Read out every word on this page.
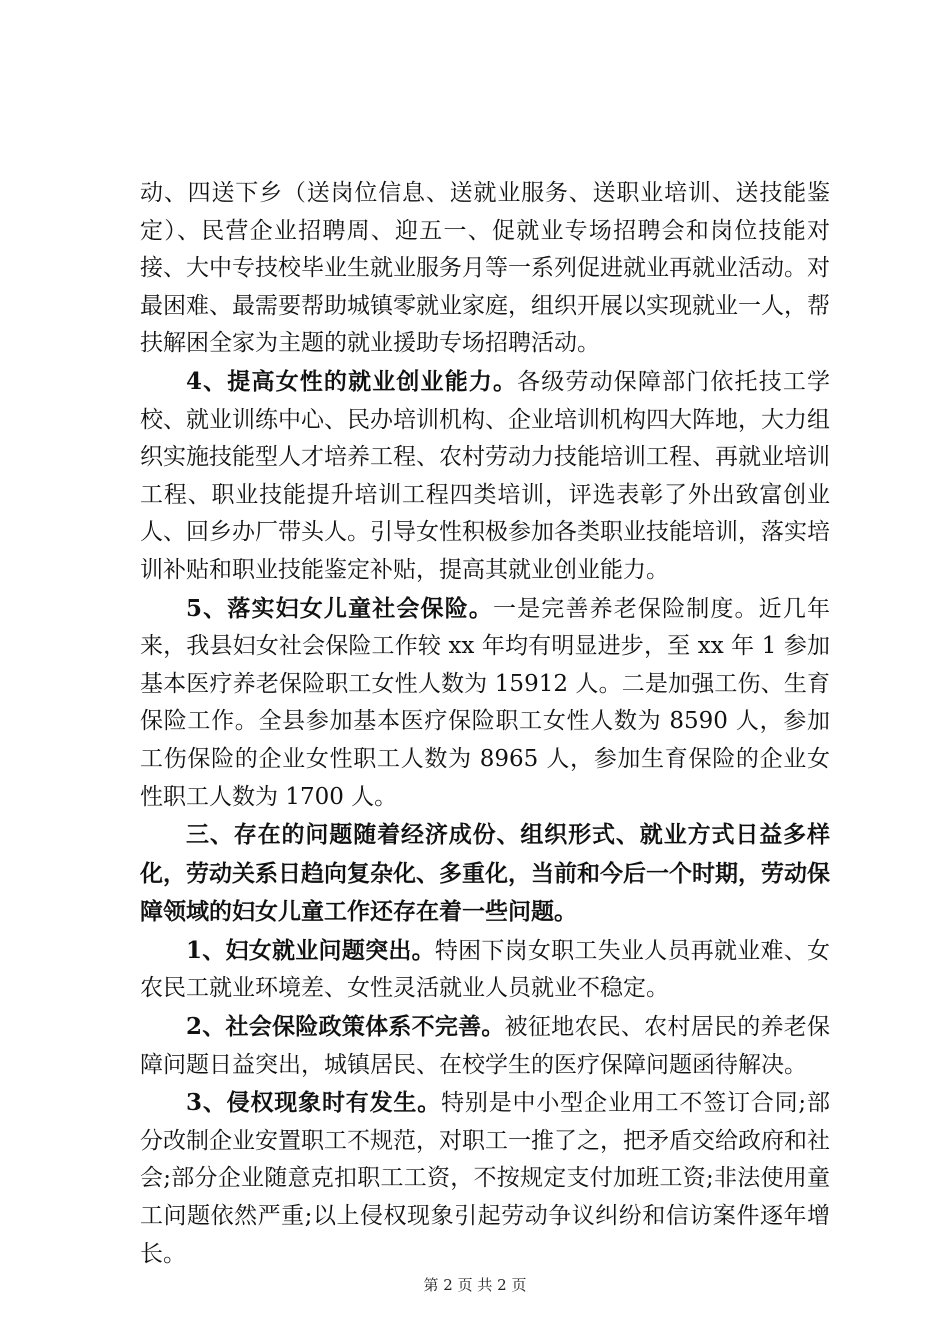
动、四送下乡（送岗位信息、送就业服务、送职业培训、送技能鉴定）、民营企业招聘周、迎五一、促就业专场招聘会和岗位技能对接、大中专技校毕业生就业服务月等一系列促进就业再就业活动。对最困难、最需要帮助城镇零就业家庭，组织开展以实现就业一人，帮扶解困全家为主题的就业援助专场招聘活动。

4、提高女性的就业创业能力。各级劳动保障部门依托技工学校、就业训练中心、民办培训机构、企业培训机构四大阵地，大力组织实施技能型人才培养工程、农村劳动力技能培训工程、再就业培训工程、职业技能提升培训工程四类培训，评选表彰了外出致富创业人、回乡办厂带头人。引导女性积极参加各类职业技能培训，落实培训补贴和职业技能鉴定补贴，提高其就业创业能力。

5、落实妇女儿童社会保险。一是完善养老保险制度。近几年来，我县妇女社会保险工作较 xx 年均有明显进步，至 xx 年 1 参加基本医疗养老保险职工女性人数为 15912 人。二是加强工伤、生育保险工作。全县参加基本医疗保险职工女性人数为 8590 人，参加工伤保险的企业女性职工人数为 8965 人，参加生育保险的企业女性职工人数为 1700 人。

三、存在的问题随着经济成份、组织形式、就业方式日益多样化，劳动关系日趋向复杂化、多重化，当前和今后一个时期，劳动保障领域的妇女儿童工作还存在着一些问题。

1、妇女就业问题突出。特困下岗女职工失业人员再就业难、女农民工就业环境差、女性灵活就业人员就业不稳定。

2、社会保险政策体系不完善。被征地农民、农村居民的养老保障问题日益突出，城镇居民、在校学生的医疗保障问题函待解决。

3、侵权现象时有发生。特别是中小型企业用工不签订合同;部分改制企业安置职工不规范，对职工一推了之，把矛盾交给政府和社会;部分企业随意克扣职工工资，不按规定支付加班工资;非法使用童工问题依然严重;以上侵权现象引起劳动争议纠纷和信访案件逐年增长。

第 2 页 共 2 页
